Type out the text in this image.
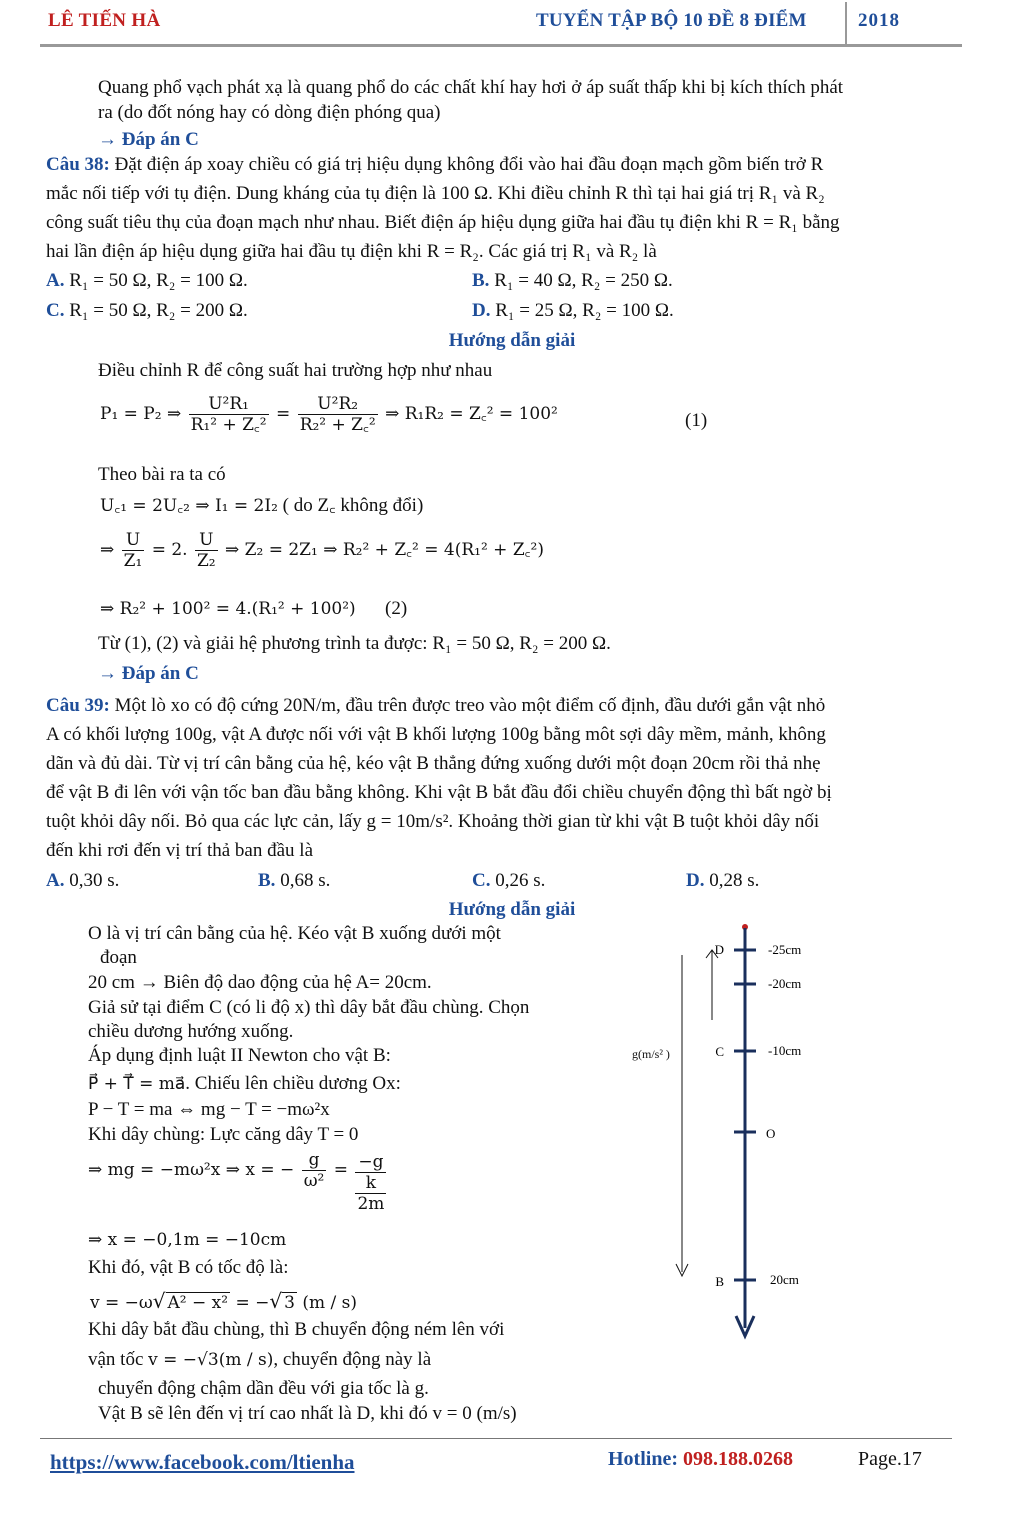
LÊ TIẾN HÀ	TUYỂN TẬP BỘ 10 ĐỀ 8 ĐIỂM	2018
Quang phổ vạch phát xạ là quang phổ do các chất khí hay hơi ở áp suất thấp khi bị kích thích phát
ra (do đốt nóng hay có dòng điện phóng qua)
→ Đáp án C
Câu 38: Đặt điện áp xoay chiều có giá trị hiệu dụng không đổi vào hai đầu đoạn mạch gồm biến trở R
mắc nối tiếp với tụ điện. Dung kháng của tụ điện là 100 Ω. Khi điều chỉnh R thì tại hai giá trị R₁ và R₂
công suất tiêu thụ của đoạn mạch như nhau. Biết điện áp hiệu dụng giữa hai đầu tụ điện khi R = R₁ bằng
hai lần điện áp hiệu dụng giữa hai đầu tụ điện khi R = R₂. Các giá trị R₁ và R₂ là
A. R₁ = 50 Ω, R₂ = 100 Ω.	B. R₁ = 40 Ω, R₂ = 250 Ω.
C. R₁ = 50 Ω, R₂ = 200 Ω.	D. R₁ = 25 Ω, R₂ = 100 Ω.
Hướng dẫn giải
Điều chỉnh R để công suất hai trường hợp như nhau
P₁ = P₂ ⇒ $\frac{\text{U²R₁}}{\text{R₁² + Z꜀²}} = \frac{\text{U²R₂}}{\text{R₂² + Z꜀²}}$ ⇒ R₁R₂ = Z꜀² = 100²	(1)
Theo bài ra ta có
U꜀₁ = 2U꜀₂ ⇒ I₁ = 2I₂ ( do Z꜀ không đổi)
⇒ $\frac{U}{\text{Z₁}} = 2$. $\frac{U}{\text{Z₂}}$ ⇒ Z₂ = 2Z₁ ⇒ R₂² + Z꜀² = 4(R₁² + Z꜀²)
⇒ R₂² + 100² = 4.(R₁² + 100²) (2)
Từ (1), (2) và giải hệ phương trình ta được: R₁ = 50 Ω, R₂ = 200 Ω.
→ Đáp án C
Câu 39: Một lò xo có độ cứng 20N/m, đầu trên được treo vào một điểm cố định, đầu dưới gắn vật nhỏ
A có khối lượng 100g, vật A được nối với vật B khối lượng 100g bằng môt sợi dây mềm, mảnh, không
dãn và đủ dài. Từ vị trí cân bằng của hệ, kéo vật B thẳng đứng xuống dưới một đoạn 20cm rồi thả nhẹ
để vật B đi lên với vận tốc ban đầu bằng không. Khi vật B bắt đầu đổi chiều chuyển động thì bất ngờ bị
tuột khỏi dây nối. Bỏ qua các lực cản, lấy g = 10m/s². Khoảng thời gian từ khi vật B tuột khỏi dây nối
đến khi rơi đến vị trí thả ban đầu là
A. 0,30 s.	B. 0,68 s.	C. 0,26 s.	D. 0,28 s.
Hướng dẫn giải
O là vị trí cân bằng của hệ. Kéo vật B xuống dưới một
đoạn
20 cm → Biên độ dao động của hệ A= 20cm.
Giả sử tại điểm C (có li độ x) thì dây bắt đầu chùng. Chọn
chiều dương hướng xuống.
Áp dụng định luật II Newton cho vật B:
P⃗ + T⃗ = ma⃗. Chiếu lên chiều dương Ox:
P − T = ma ⇔ mg − T = −mω²x
Khi dây chùng: Lực căng dây T = 0
⇒ mg = −mω²x ⇒ x = − $\frac{g}{\text{ω²}} = -g$
k
2m
⇒ x = −0,1m = −10cm
Khi đó, vật B có tốc độ là:
v = −ω√ A² − x² = −√ 3 (m / s)
Khi dây bắt đầu chùng, thì B chuyển động ném lên với
vận tốc v = −√3(m / s), chuyển động này là
chuyển động chậm dần đều với gia tốc là g.
Vật B sẽ lên đến vị trí cao nhất là D, khi đó v = 0 (m/s)
g(m/s² )
D	-25cm
-20cm
C	-10cm
O
B	20cm
https://www.facebook.com/ltienha	Hotline: 098.188.0268	Page.17
